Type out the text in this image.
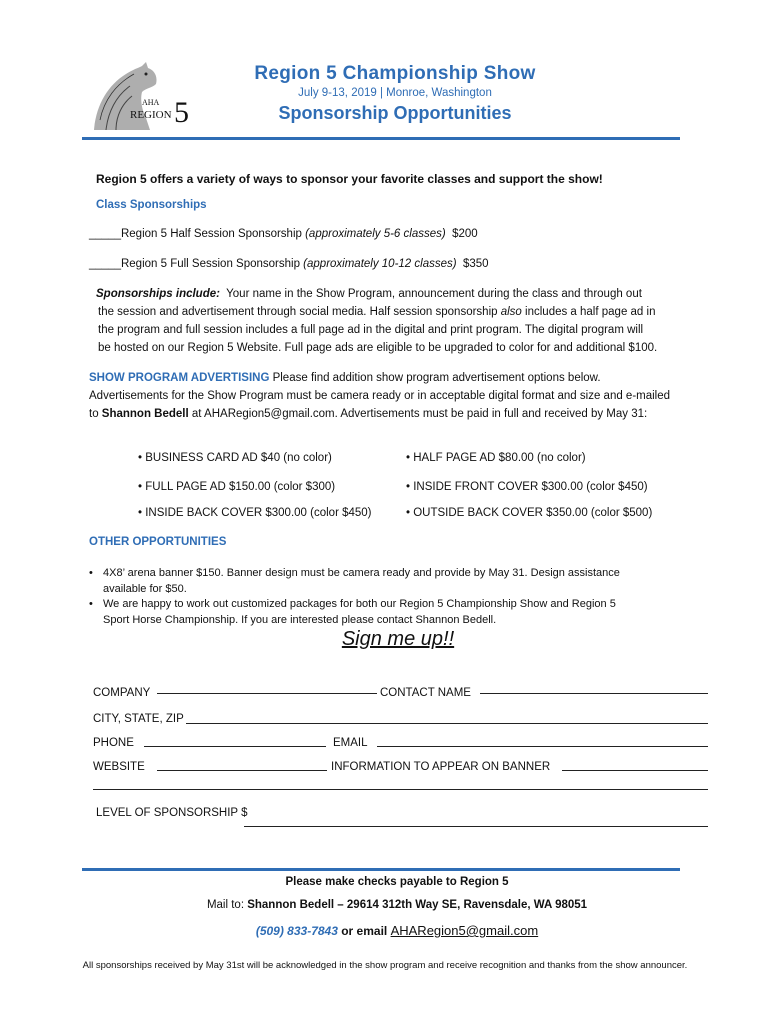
AHA
REGION 5
Region 5 Championship Show
July 9-13, 2019 | Monroe, Washington
Sponsorship Opportunities
Region 5 offers a variety of ways to sponsor your favorite classes and support the show!
Class Sponsorships
_____Region 5 Half Session Sponsorship (approximately 5-6 classes) $200
_____Region 5 Full Session Sponsorship (approximately 10-12 classes) $350
Sponsorships include: Your name in the Show Program, announcement during the class and through out
the session and advertisement through social media. Half session sponsorship also includes a half page ad in
the program and full session includes a full page ad in the digital and print program. The digital program will
be hosted on our Region 5 Website. Full page ads are eligible to be upgraded to color for and additional $100.
SHOW PROGRAM ADVERTISING Please find addition show program advertisement options below.
Advertisements for the Show Program must be camera ready or in acceptable digital format and size and e-mailed
to Shannon Bedell at AHARegion5@gmail.com. Advertisements must be paid in full and received by May 31:
• BUSINESS CARD AD $40 (no color)	• HALF PAGE AD $80.00 (no color)
• FULL PAGE AD $150.00 (color $300)	• INSIDE FRONT COVER $300.00 (color $450)
• INSIDE BACK COVER $300.00 (color $450)	• OUTSIDE BACK COVER $350.00 (color $500)
OTHER OPPORTUNITIES
• 4X8’ arena banner $150. Banner design must be camera ready and provide by May 31. Design assistance
available for $50.
• We are happy to work out customized packages for both our Region 5 Championship Show and Region 5
Sport Horse Championship. If you are interested please contact Shannon Bedell.
Sign me up!!
COMPANY	CONTACT NAME
CITY, STATE, ZIP
PHONE	EMAIL
WEBSITE	INFORMATION TO APPEAR ON BANNER
LEVEL OF SPONSORSHIP $
Please make checks payable to Region 5
Mail to: Shannon Bedell – 29614 312th Way SE, Ravensdale, WA 98051
(509) 833-7843 or email AHARegion5@gmail.com
All sponsorships received by May 31st will be acknowledged in the show program and receive recognition and thanks from the show announcer.
